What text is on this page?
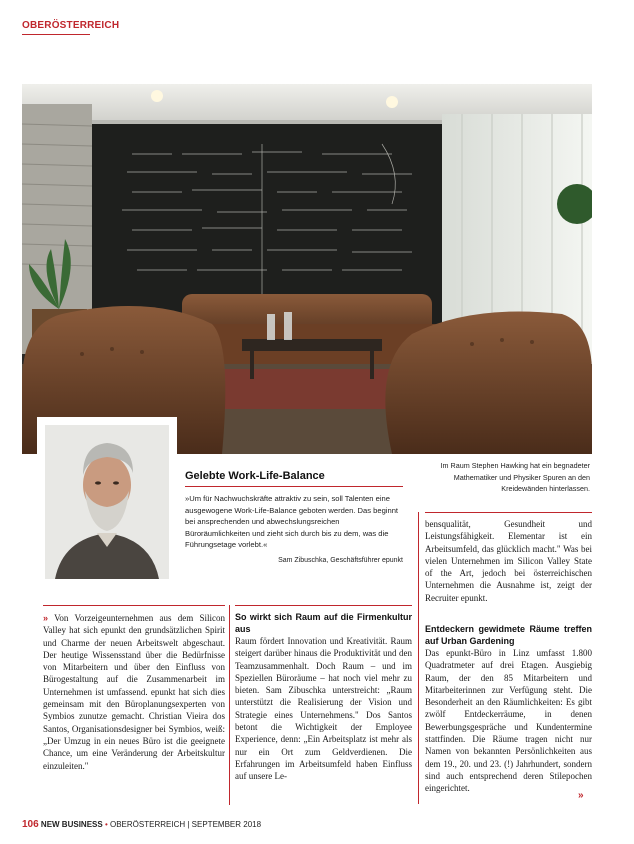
OBERÖSTERREICH
Im Raum Stephen Hawking hat ein begnadeter Mathematiker und Physiker Spuren an den Kreidewänden hinterlassen.
Gelebte Work-Life-Balance
»Um für Nachwuchskräfte attraktiv zu sein, soll Talenten eine ausgewogene Work-Life-Balance geboten werden. Das beginnt bei ansprechenden und abwechslungsreichen Büroräumlichkeiten und zieht sich durch bis zu dem, was die Führungsetage vorlebt.«
Sam Zibuschka, Geschäftsführer epunkt
» Von Vorzeigeunternehmen aus dem Silicon Valley hat sich epunkt den grundsätzlichen Spirit und Charme der neuen Arbeitswelt abgeschaut. Der heutige Wissensstand über die Bedürfnisse von Mitarbeitern und über den Einfluss von Bürogestaltung auf die Zusammenarbeit im Unternehmen ist umfassend. epunkt hat sich dies gemeinsam mit den Büroplanungsexperten von Symbios zunutze gemacht. Christian Vieira dos Santos, Organisationsdesigner bei Symbios, weiß: „Der Umzug in ein neues Büro ist die geeignete Chance, um eine Veränderung der Arbeitskultur einzuleiten."
So wirkt sich Raum auf die Firmenkultur aus
Raum fördert Innovation und Kreativität. Raum steigert darüber hinaus die Produktivität und den Teamzusammenhalt. Doch Raum – und im Speziellen Büroräume – hat noch viel mehr zu bieten. Sam Zibuschka unterstreicht: „Raum unterstützt die Realisierung der Vision und Strategie eines Unternehmens." Dos Santos betont die Wichtigkeit der Employee Experience, denn: „Ein Arbeitsplatz ist mehr als nur ein Ort zum Geldverdienen. Die Erfahrungen im Arbeitsumfeld haben Einfluss auf unsere Le-
bensqualität, Gesundheit und Leistungsfähigkeit. Elementar ist ein Arbeitsumfeld, das glücklich macht." Was bei vielen Unternehmen im Silicon Valley State of the Art, jedoch bei österreichischen Unternehmen die Ausnahme ist, zeigt der Recruiter epunkt.
Entdeckern gewidmete Räume treffen auf Urban Gardening
Das epunkt-Büro in Linz umfasst 1.800 Quadratmeter auf drei Etagen. Ausgiebig Raum, der den 85 Mitarbeitern und Mitarbeiterinnen zur Verfügung steht. Die Besonderheit an den Räumlichkeiten: Es gibt zwölf Entdeckerräume, in denen Bewerbungsgespräche und Kundentermine stattfinden. Die Räume tragen nicht nur Namen von bekannten Persönlichkeiten aus dem 19., 20. und 23. (!) Jahrhundert, sondern sind auch entsprechend deren Stilepochen eingerichtet.
»
106 NEW BUSINESS • OBERÖSTERREICH | SEPTEMBER 2018
